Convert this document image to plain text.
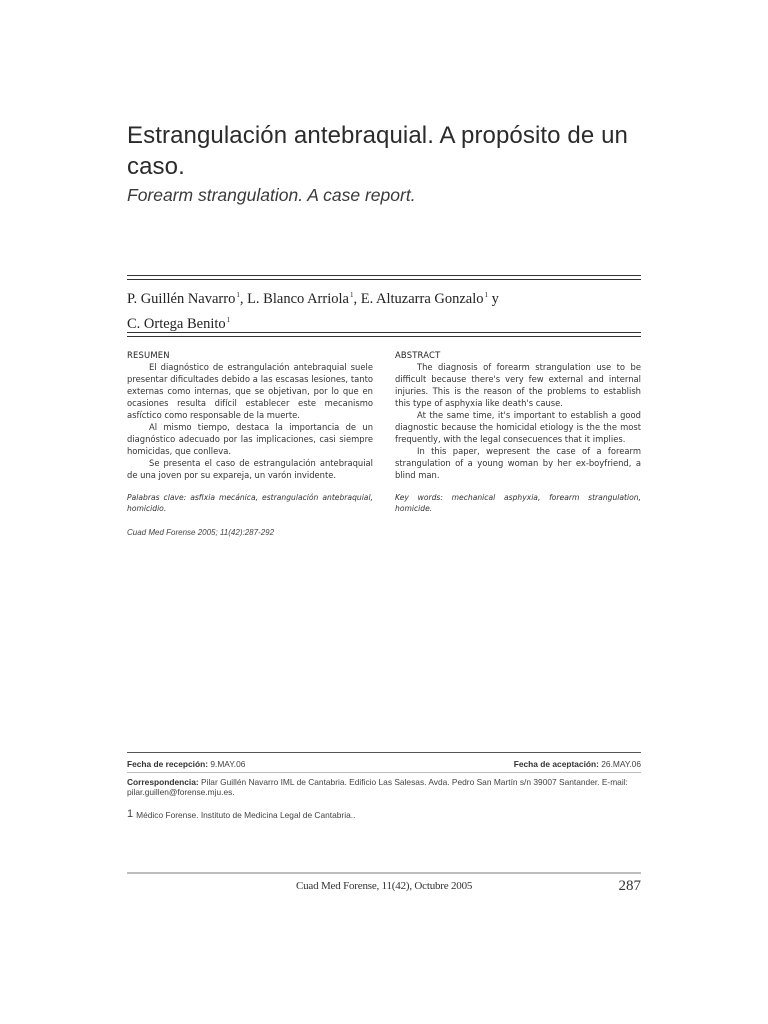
Estrangulación antebraquial. A propósito de un caso.
Forearm strangulation. A case report.
P. Guillén Navarro$^1$, L. Blanco Arriola$^1$, E. Altuzarra Gonzalo$^1$ y
C. Ortega Benito$^1$
RESUMEN

El diagnóstico de estrangulación antebraquial suele presentar dificultades debido a las escasas lesiones, tanto externas como internas, que se objetivan, por lo que en ocasiones resulta difícil establecer este mecanismo asfíctico como responsable de la muerte.

Al mismo tiempo, destaca la importancia de un diagnóstico adecuado por las implicaciones, casi siempre homicidas, que conlleva.

Se presenta el caso de estrangulación antebraquial de una joven por su expareja, un varón invidente.

Palabras clave: asfixia mecánica, estrangulación antebraquial, homicidio.
Cuad Med Forense 2005; 11(42):287-292
ABSTRACT

The diagnosis of forearm strangulation use to be difficult because there's very few external and internal injuries. This is the reason of the problems to establish this type of asphyxia like death's cause.

At the same time, it's important to establish a good diagnostic because the homicidal etiology is the the most frequently, with the legal consecuences that it implies.

In this paper, wepresent the case of a forearm strangulation of a young woman by her ex-boyfriend, a blind man.

Key words: mechanical asphyxia, forearm strangulation, homicide.
Fecha de recepción: 9.MAY.06	Fecha de aceptación: 26.MAY.06
Correspondencia: Pilar Guillén Navarro IML de Cantabria. Edificio Las Salesas. Avda. Pedro San Martín s/n 39007 Santander. E-mail: pilar.guillen@forense.mju.es.
1 Médico Forense. Instituto de Medicina Legal de Cantabria..
Cuad Med Forense, 11(42), Octubre 2005	287
